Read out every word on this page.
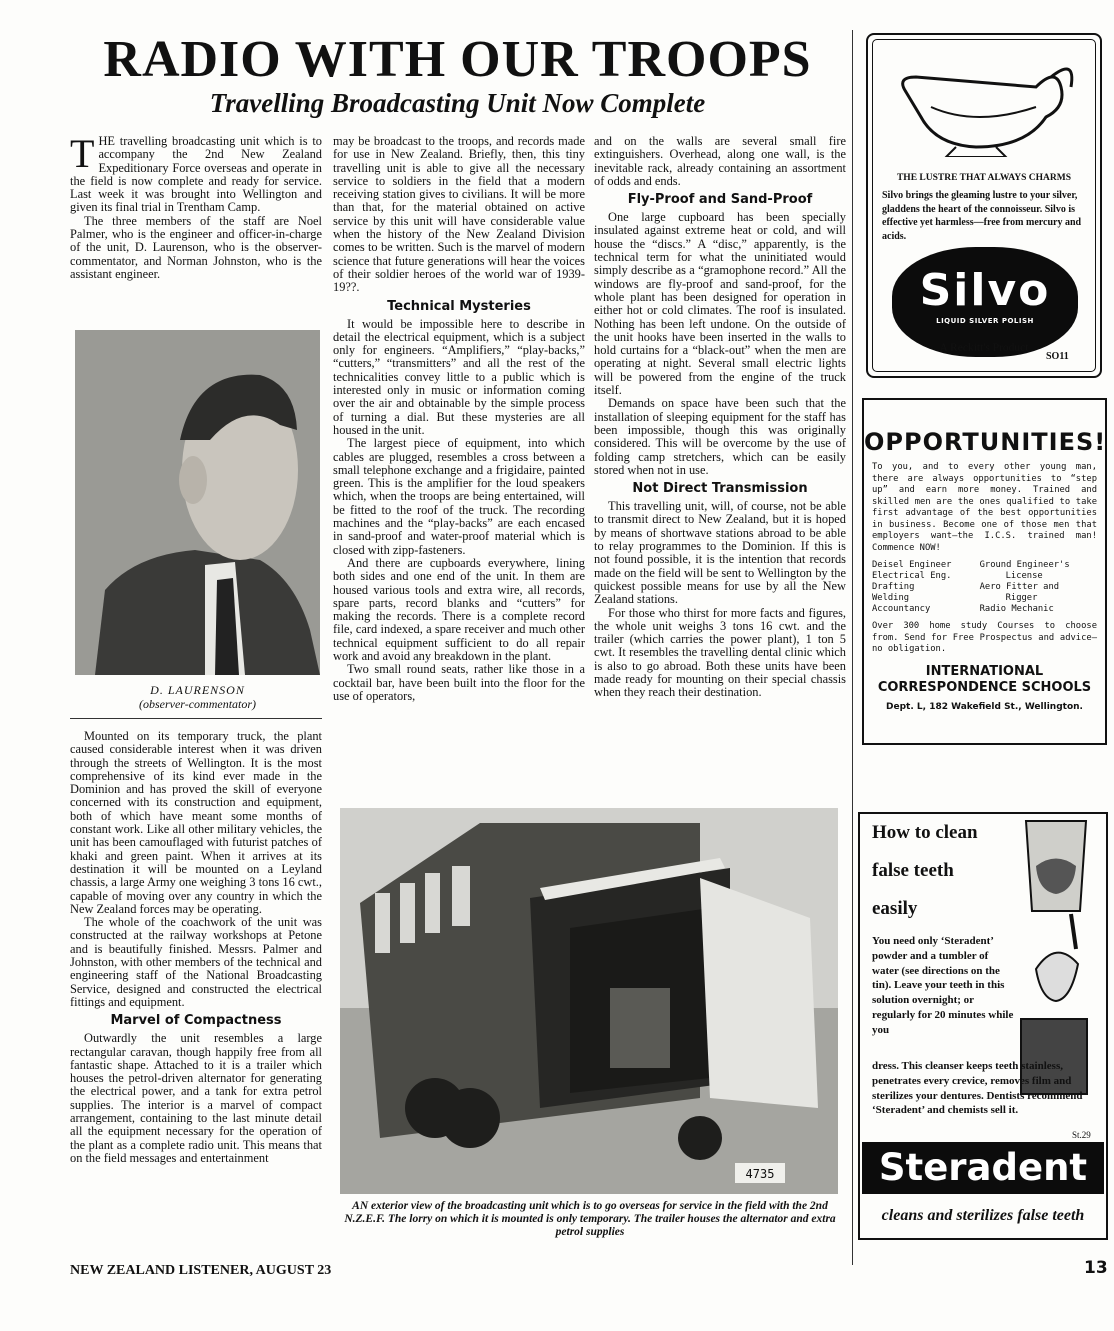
RADIO WITH OUR TROOPS
Travelling Broadcasting Unit Now Complete
T HE travelling broadcasting unit which is to accompany the 2nd New Zealand Expeditionary Force overseas and operate in the field is now complete and ready for service. Last week it was brought into Wellington and given its final trial in Trentham Camp.

The three members of the staff are Noel Palmer, who is the engineer and officer-in-charge of the unit, D. Laurenson, who is the observer-commentator, and Norman Johnston, who is the assistant engineer.

D. LAURENSON
(observer-commentator)

Mounted on its temporary truck, the plant caused considerable interest when it was driven through the streets of Wellington. It is the most comprehensive of its kind ever made in the Dominion and has proved the skill of everyone concerned with its construction and equipment, both of which have meant some months of constant work. Like all other military vehicles, the unit has been camouflaged with futurist patches of khaki and green paint. When it arrives at its destination it will be mounted on a Leyland chassis, a large Army one weighing 3 tons 16 cwt., capable of moving over any country in which the New Zealand forces may be operating.

The whole of the coachwork of the unit was constructed at the railway workshops at Petone and is beautifully finished. Messrs. Palmer and Johnston, with other members of the technical and engineering staff of the National Broadcasting Service, designed and constructed the electrical fittings and equipment.

Marvel of Compactness

Outwardly the unit resembles a large rectangular caravan, though happily free from all fantastic shape. Attached to it is a trailer which houses the petrol-driven alternator for generating the electrical power, and a tank for extra petrol supplies. The interior is a marvel of compact arrangement, containing to the last minute detail all the equipment necessary for the operation of the plant as a complete radio unit. This means that on the field messages and entertainment

may be broadcast to the troops, and records made for use in New Zealand. Briefly, then, this tiny travelling unit is able to give all the necessary service to soldiers in the field that a modern receiving station gives to civilians. It will be more than that, for the material obtained on active service by this unit will have considerable value when the history of the New Zealand Division comes to be written. Such is the marvel of modern science that future generations will hear the voices of their soldier heroes of the world war of 1939-19??.

Technical Mysteries

It would be impossible here to describe in detail the electrical equipment, which is a subject only for engineers. “Amplifiers,” “play-backs,” “cutters,” “transmitters” and all the rest of the technicalities convey little to a public which is interested only in music or information coming over the air and obtainable by the simple process of turning a dial. But these mysteries are all housed in the unit.

The largest piece of equipment, into which cables are plugged, resembles a cross between a small telephone exchange and a frigidaire, painted green. This is the amplifier for the loud speakers which, when the troops are being entertained, will be fitted to the roof of the truck. The recording machines and the “play-backs” are each encased in sand-proof and water-proof material which is closed with zipp-fasteners.

And there are cupboards everywhere, lining both sides and one end of the unit. In them are housed various tools and extra wire, all records, spare parts, record blanks and “cutters” for making the records. There is a complete record file, card indexed, a spare receiver and much other technical equipment sufficient to do all repair work and avoid any breakdown in the plant.

Two small round seats, rather like those in a cocktail bar, have been built into the floor for the use of operators,

and on the walls are several small fire extinguishers. Overhead, along one wall, is the inevitable rack, already containing an assortment of odds and ends.

Fly-Proof and Sand-Proof

One large cupboard has been specially insulated against extreme heat or cold, and will house the “discs.” A “disc,” apparently, is the technical term for what the uninitiated would simply describe as a “gramophone record.” All the windows are fly-proof and sand-proof, for the whole plant has been designed for operation in either hot or cold climates. The roof is insulated. Nothing has been left undone. On the outside of the unit hooks have been inserted in the walls to hold curtains for a “black-out” when the men are operating at night. Several small electric lights will be powered from the engine of the truck itself.

Demands on space have been such that the installation of sleeping equipment for the staff has been impossible, though this was originally considered. This will be overcome by the use of folding camp stretchers, which can be easily stored when not in use.

Not Direct Transmission

This travelling unit, will, of course, not be able to transmit direct to New Zealand, but it is hoped by means of shortwave stations abroad to be able to relay programmes to the Dominion. If this is not found possible, it is the intention that records made on the field will be sent to Wellington by the quickest possible means for use by all the New Zealand stations.

For those who thirst for more facts and figures, the whole unit weighs 3 tons 16 cwt. and the trailer (which carries the power plant), 1 ton 5 cwt. It resembles the travelling dental clinic which is also to go abroad. Both these units have been made ready for mounting on their special chassis when they reach their destination.

4735
AN exterior view of the broadcasting unit which is to go overseas for service in the field with the 2nd N.Z.E.F. The lorry on which it is mounted is only temporary. The trailer houses the alternator and extra petrol supplies
THE LUSTRE THAT ALWAYS CHARMS
Silvo brings the gleaming lustre to your silver, gladdens the heart of the connoisseur. Silvo is effective yet harmless—free from mercury and acids.
Silvo
LIQUID SILVER POLISH
A Reckitt's Product
SO11
OPPORTUNITIES!
To you, and to every other young man, there are always opportunities to “step up” and earn more money. Trained and skilled men are the ones qualified to take first advantage of the best opportunities in business. Become one of those men that employers want—the I.C.S. trained man! Commence NOW!
Deisel Engineer
Electrical Eng.
Drafting
Welding
Accountancy
Ground Engineer's
License
Aero Fitter and
Rigger
Radio Mechanic
Over 300 home study Courses to choose from. Send for Free Prospectus and advice—no obligation.
INTERNATIONAL
CORRESPONDENCE SCHOOLS
Dept. L, 182 Wakefield St., Wellington.
How to clean
false teeth
easily
You need only ‘Steradent’ powder and a tumbler of water (see directions on the tin). Leave your teeth in this solution overnight; or regularly for 20 minutes while you
dress. This cleanser keeps teeth stainless, penetrates every crevice, removes film and sterilizes your dentures. Dentists recommend ‘Steradent’ and chemists sell it.
St.29
Steradent
cleans and sterilizes false teeth
NEW ZEALAND LISTENER, AUGUST 23	13
